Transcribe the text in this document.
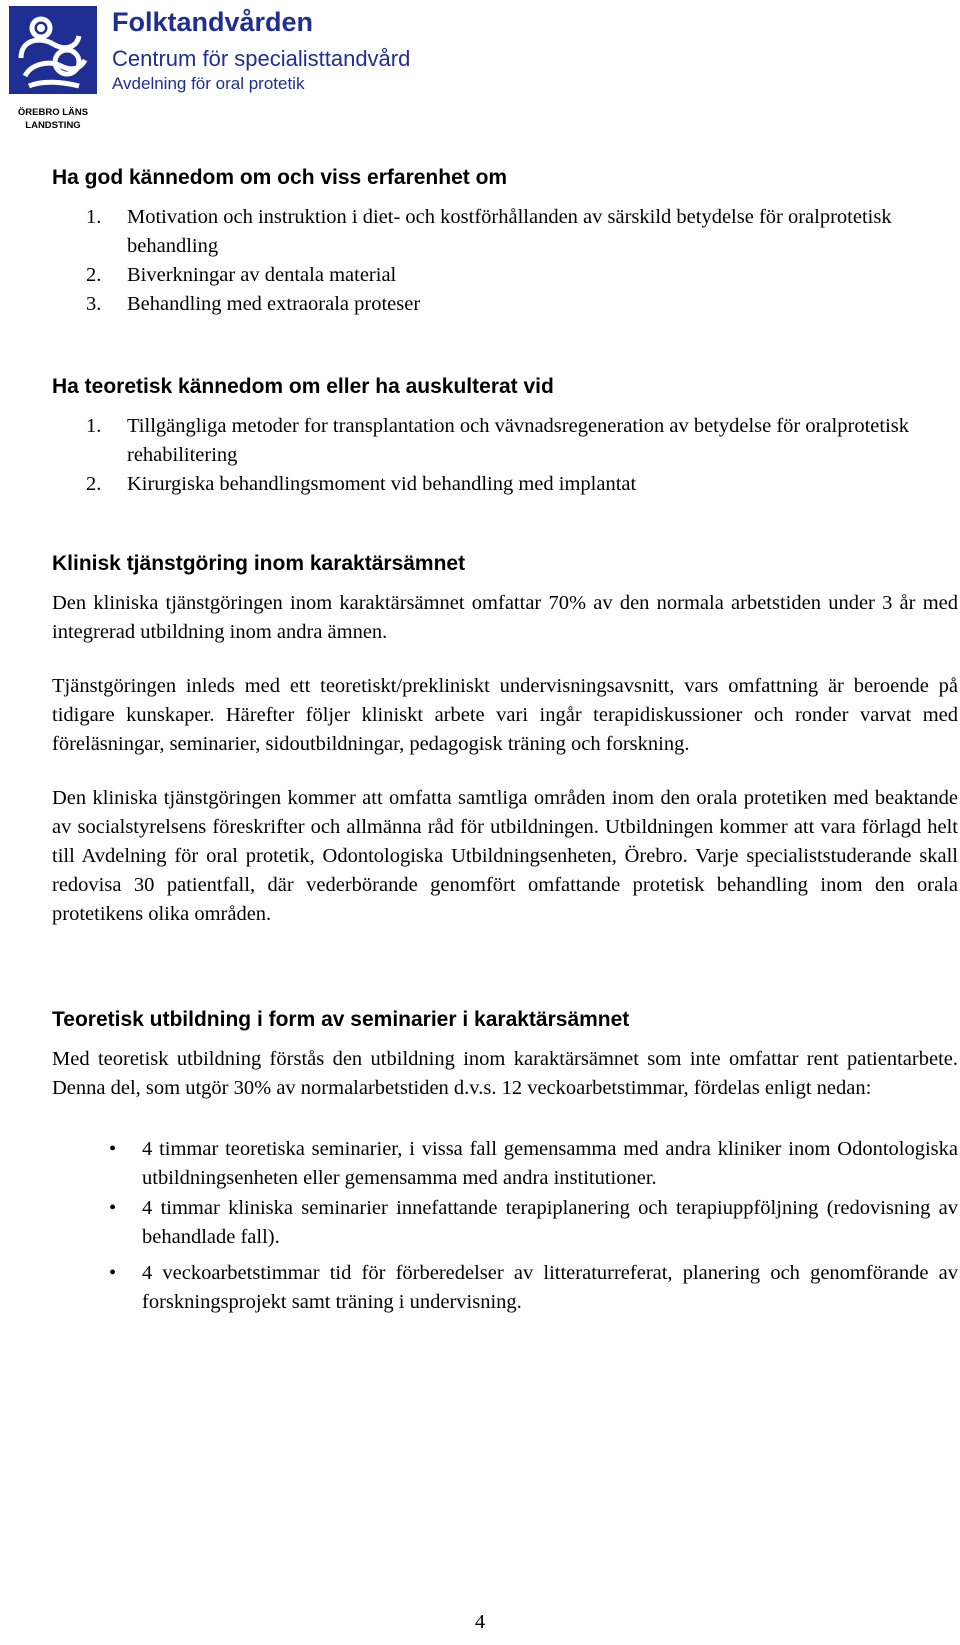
ÖREBRO LÄNS
LANDSTING

Folktandvården

Centrum för specialisttandvård

Avdelning för oral protetik

Ha god kännedom om och viss erfarenhet om
1. Motivation och instruktion i diet- och kostförhållanden av särskild betydelse för oralprotetisk behandling
2. Biverkningar av dentala material
3. Behandling med extraorala proteser
Ha teoretisk kännedom om eller ha auskulterat vid
1. Tillgängliga metoder for transplantation och vävnadsregeneration av betydelse för oralprotetisk rehabilitering
2. Kirurgiska behandlingsmoment vid behandling med implantat
Klinisk tjänstgöring inom karaktärsämnet

Den kliniska tjänstgöringen inom karaktärsämnet omfattar 70% av den normala arbetstiden under 3 år med integrerad utbildning inom andra ämnen.

Tjänstgöringen inleds med ett teoretiskt/prekliniskt undervisningsavsnitt, vars omfattning är beroende på tidigare kunskaper. Härefter följer kliniskt arbete vari ingår terapidiskussioner och ronder varvat med föreläsningar, seminarier, sidoutbildningar, pedagogisk träning och forskning.

Den kliniska tjänstgöringen kommer att omfatta samtliga områden inom den orala protetiken med beaktande av socialstyrelsens föreskrifter och allmänna råd för utbildningen. Utbildningen kommer att vara förlagd helt till Avdelning för oral protetik, Odontologiska Utbildningsenheten, Örebro. Varje specialiststuderande skall redovisa 30 patientfall, där vederbörande genomfört omfattande protetisk behandling inom den orala protetikens olika områden.

Teoretisk utbildning i form av seminarier i karaktärsämnet

Med teoretisk utbildning förstås den utbildning inom karaktärsämnet som inte omfattar rent patientarbete. Denna del, som utgör 30% av normalarbetstiden d.v.s. 12 veckoarbetstimmar, fördelas enligt nedan:

• 4 timmar teoretiska seminarier, i vissa fall gemensamma med andra kliniker inom Odontologiska utbildningsenheten eller gemensamma med andra institutioner.
• 4 timmar kliniska seminarier innefattande terapiplanering och terapiuppföljning (redovisning av behandlade fall).
• 4 veckoarbetstimmar tid för förberedelser av litteraturreferat, planering och genomförande av forskningsprojekt samt träning i undervisning.
4
